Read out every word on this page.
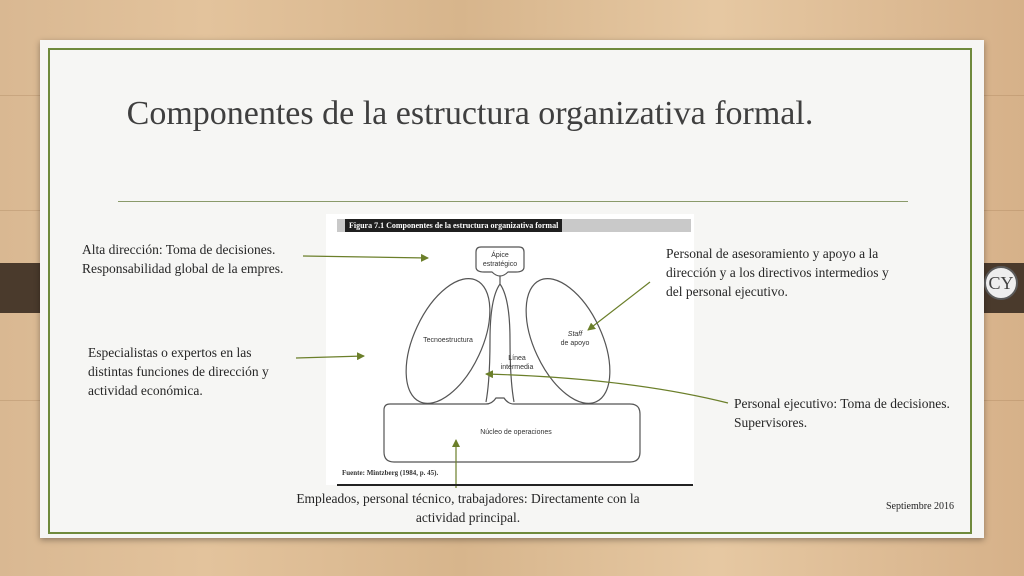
Componentes de la estructura organizativa formal.
Figura 7.1 Componentes de la estructura organizativa formal
Ápice
estratégico
Tecnoestructura
Staff
de apoyo
Línea
intermedia
Núcleo de operaciones
Fuente: Mintzberg (1984, p. 45).
Alta dirección: Toma de decisiones. Responsabilidad global de la empres.
Especialistas o expertos en las distintas funciones de dirección y actividad económica.
Personal de asesoramiento y apoyo a la dirección y a los directivos intermedios y del personal ejecutivo.
Personal ejecutivo: Toma de decisiones. Supervisores.
Empleados, personal técnico, trabajadores: Directamente con la actividad principal.
Septiembre 2016
CY
